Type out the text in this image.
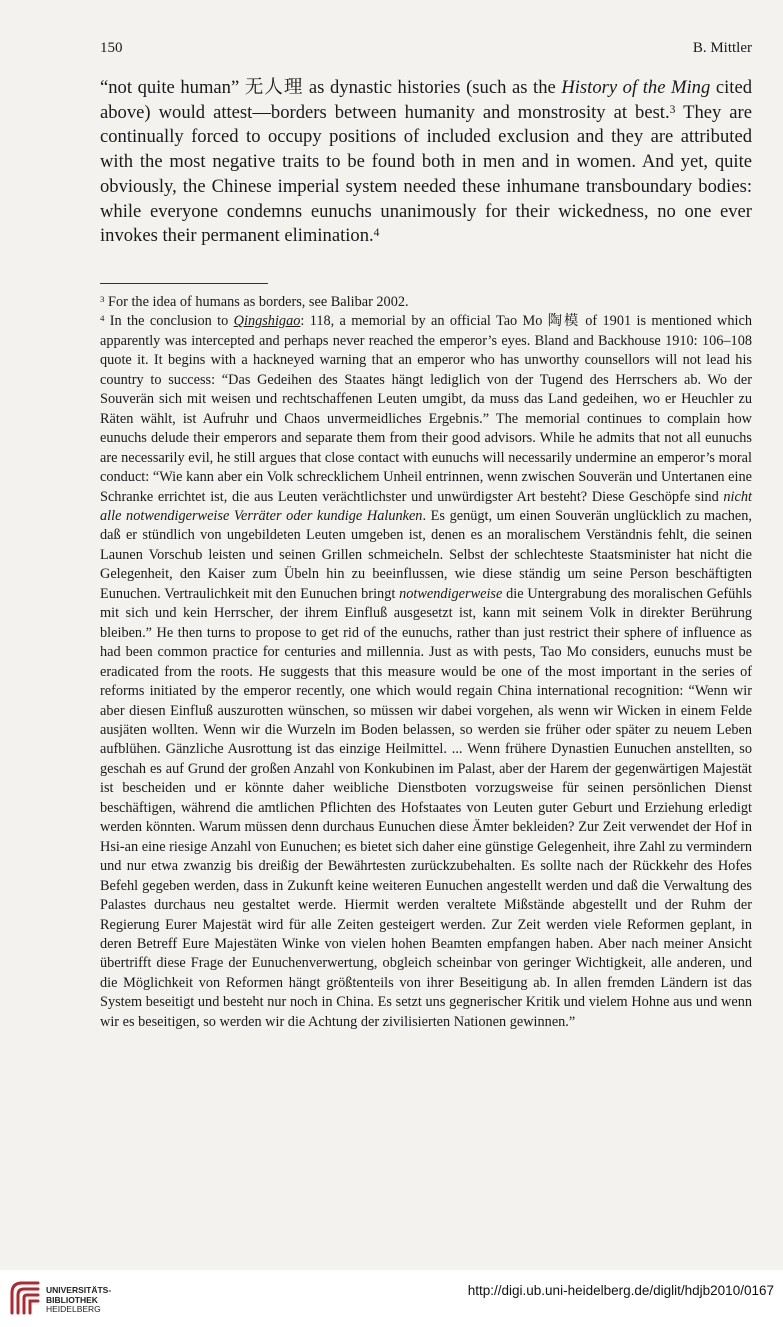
150	B. Mittler

“not quite human” 无人理 as dynastic histories (such as the History of the Ming cited above) would attest—borders between humanity and monstrosity at best.$^3$ They are continually forced to occupy positions of included exclusion and they are attributed with the most negative traits to be found both in men and in women. And yet, quite obviously, the Chinese imperial system needed these inhumane transboundary bodies: while everyone condemns eunuchs unanimously for their wickedness, no one ever invokes their permanent elimination.$^4$

$^3$ For the idea of humans as borders, see Balibar 2002.

$^4$ In the conclusion to Qingshigao: 118, a memorial by an official Tao Mo 陶模 of 1901 is mentioned which apparently was intercepted and perhaps never reached the emperor’s eyes. Bland and Backhouse 1910: 106–108 quote it. It begins with a hackneyed warning that an emperor who has unworthy counsellors will not lead his country to success: “Das Gedeihen des Staates hängt lediglich von der Tugend des Herrschers ab. Wo der Souverän sich mit weisen und rechtschaffenen Leuten umgibt, da muss das Land gedeihen, wo er Heuchler zu Räten wählt, ist Aufruhr und Chaos unvermeidliches Ergebnis.” The memorial continues to complain how eunuchs delude their emperors and separate them from their good advisors. While he admits that not all eunuchs are necessarily evil, he still argues that close contact with eunuchs will necessarily undermine an emperor’s moral conduct: “Wie kann aber ein Volk schrecklichem Unheil entrinnen, wenn zwischen Souverän und Untertanen eine Schranke errichtet ist, die aus Leuten verächtlichster und unwürdigster Art besteht? Diese Geschöpfe sind nicht alle notwendigerweise Verräter oder kundige Halunken. Es genügt, um einen Souverän unglücklich zu machen, daß er stündlich von ungebildeten Leuten umgeben ist, denen es an moralischem Verständnis fehlt, die seinen Launen Vorschub leisten und seinen Grillen schmeicheln. Selbst der schlechteste Staatsminister hat nicht die Gelegenheit, den Kaiser zum Übeln hin zu beeinflussen, wie diese ständig um seine Person beschäftigten Eunuchen. Vertraulichkeit mit den Eunuchen bringt notwendigerweise die Untergrabung des moralischen Gefühls mit sich und kein Herrscher, der ihrem Einfluß ausgesetzt ist, kann mit seinem Volk in direkter Berührung bleiben.” He then turns to propose to get rid of the eunuchs, rather than just restrict their sphere of influence as had been common practice for centuries and millennia. Just as with pests, Tao Mo considers, eunuchs must be eradicated from the roots. He suggests that this measure would be one of the most important in the series of reforms initiated by the emperor recently, one which would regain China international recognition: “Wenn wir aber diesen Einfluß auszurotten wünschen, so müssen wir dabei vorgehen, als wenn wir Wicken in einem Felde ausjäten wollten. Wenn wir die Wurzeln im Boden belassen, so werden sie früher oder später zu neuem Leben aufblühen. Gänzliche Ausrottung ist das einzige Heilmittel. ... Wenn frühere Dynastien Eunuchen anstellten, so geschah es auf Grund der großen Anzahl von Konkubinen im Palast, aber der Harem der gegenwärtigen Majestät ist bescheiden und er könnte daher weibliche Dienstboten vorzugsweise für seinen persönlichen Dienst beschäftigen, während die amtlichen Pflichten des Hofstaates von Leuten guter Geburt und Erziehung erledigt werden könnten. Warum müssen denn durchaus Eunuchen diese Ämter bekleiden? Zur Zeit verwendet der Hof in Hsi-an eine riesige Anzahl von Eunuchen; es bietet sich daher eine günstige Gelegenheit, ihre Zahl zu vermindern und nur etwa zwanzig bis dreißig der Bewährtesten zurückzubehalten. Es sollte nach der Rückkehr des Hofes Befehl gegeben werden, dass in Zukunft keine weiteren Eunuchen angestellt werden und daß die Verwaltung des Palastes durchaus neu gestaltet werde. Hiermit werden veraltete Mißstände abgestellt und der Ruhm der Regierung Eurer Majestät wird für alle Zeiten gesteigert werden. Zur Zeit werden viele Reformen geplant, in deren Betreff Eure Majestäten Winke von vielen hohen Beamten empfangen haben. Aber nach meiner Ansicht übertrifft diese Frage der Eunuchenverwertung, obgleich scheinbar von geringer Wichtigkeit, alle anderen, und die Möglichkeit von Reformen hängt größtenteils von ihrer Beseitigung ab. In allen fremden Ländern ist das System beseitigt und besteht nur noch in China. Es setzt uns gegnerischer Kritik und vielem Hohne aus und wenn wir es beseitigen, so werden wir die Achtung der zivilisierten Nationen gewinnen.”

UNIVERSITÄTS-
BIBLIOTHEK
HEIDELBERG
http://digi.ub.uni-heidelberg.de/diglit/hdjb2010/0167
